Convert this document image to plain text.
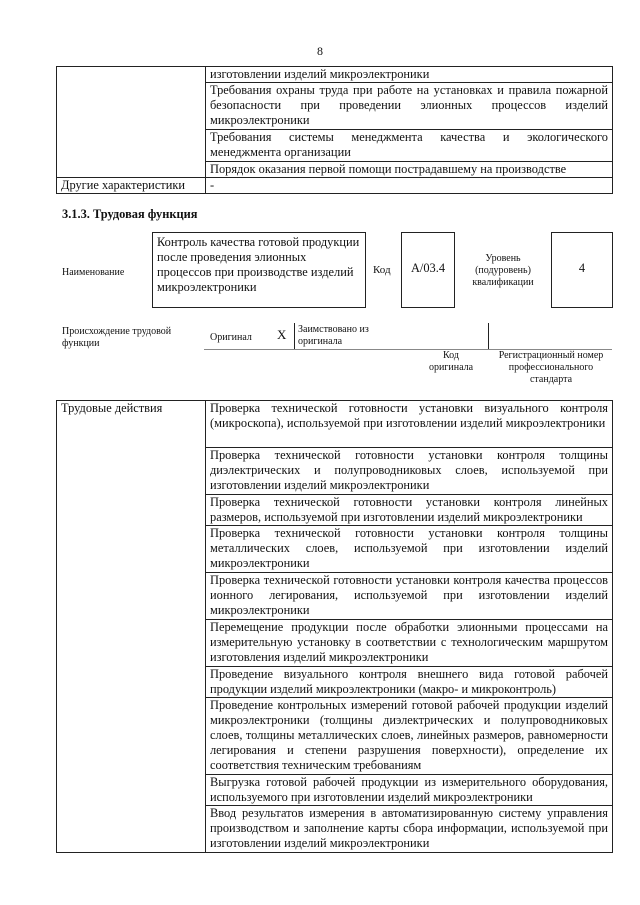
8
	изготовлении изделий микроэлектроники
	Требования охраны труда при работе на установках и правила пожарной безопасности при проведении элионных процессов изделий микроэлектроники
	Требования системы менеджмента качества и экологического менеджмента организации
	Порядок оказания первой помощи пострадавшему на производстве
Другие характеристики	-
3.1.3. Трудовая функция
Наименование
Контроль качества готовой продукции после проведения элионных процессов при производстве изделий микроэлектроники
Код	А/03.4
Уровень (подуровень) квалификации
4
Происхождение трудовой функции
Оригинал X Заимствовано из оригинала
Код оригинала
Регистрационный номер профессионального стандарта
Трудовые действия	Проверка технической готовности установки визуального контроля (микроскопа), используемой при изготовлении изделий микроэлектроники
Проверка технической готовности установки контроля толщины диэлектрических и полупроводниковых слоев, используемой при изготовлении изделий микроэлектроники
Проверка технической готовности установки контроля линейных размеров, используемой при изготовлении изделий микроэлектроники
Проверка технической готовности установки контроля толщины металлических слоев, используемой при изготовлении изделий микроэлектроники
Проверка технической готовности установки контроля качества процессов ионного легирования, используемой при изготовлении изделий микроэлектроники
Перемещение продукции после обработки элионными процессами на измерительную установку в соответствии с технологическим маршрутом изготовления изделий микроэлектроники
Проведение визуального контроля внешнего вида готовой рабочей продукции изделий микроэлектроники (макро- и микроконтроль)
Проведение контрольных измерений готовой рабочей продукции изделий микроэлектроники (толщины диэлектрических и полупроводниковых слоев, толщины металлических слоев, линейных размеров, равномерности легирования и степени разрушения поверхности), определение их соответствия техническим требованиям
Выгрузка готовой рабочей продукции из измерительного оборудования, используемого при изготовлении изделий микроэлектроники
Ввод результатов измерения в автоматизированную систему управления производством и заполнение карты сбора информации, используемой при изготовлении изделий микроэлектроники
